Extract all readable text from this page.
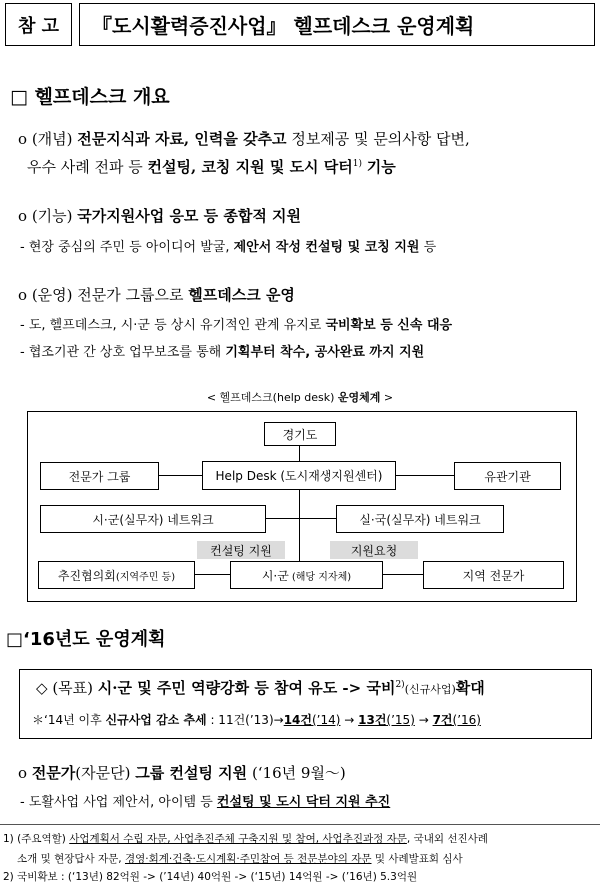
참 고 『도시활력증진사업』 헬프데스크 운영계획
□ 헬프데스크 개요
o (개념) 전문지식과 자료, 인력을 갖추고 정보제공 및 문의사항 답변,
우수 사례 전파 등 컨설팅, 코칭 지원 및 도시 닥터$^{1)}$ 기능
o (기능) 국가지원사업 응모 등 종합적 지원
- 현장 중심의 주민 등 아이디어 발굴, 제안서 작성 컨설팅 및 코칭 지원 등
o (운영) 전문가 그룹으로 헬프데스크 운영
- 도, 헬프데스크, 시·군 등 상시 유기적인 관계 유지로 국비확보 등 신속 대응
- 협조기관 간 상호 업무보조를 통해 기획부터 착수, 공사완료 까지 지원
< 헬프데스크(help desk) 운영체계 >
컨설팅 지원	지원요청
경기도
전문가 그룹	Help Desk (도시재생지원센터)	유관기관
시·군(실무자) 네트워크	실·국(실무자) 네트워크
추진협의회 (지역주민 등)	시·군 (해당 지자체)	지역 전문가
□‘16년도 운영계획
◇ (목표) 시·군 및 주민 역량강화 등 참여 유도 -> 국비$^{2)}$(신규사업)확대
＊‘14년 이후 신규사업 감소 추세 : 11건(’13)→14건(’14) → 13건(’15) → 7건(’16)
o 전문가(자문단) 그룹 컨설팅 지원 (‘16년 9월～)
- 도활사업 사업 제안서, 아이템 등 컨설팅 및 도시 닥터 지원 추진
1) (주요역할) 사업계획서 수립 자문, 사업추진주체 구축지원 및 참여, 사업추진과정 자문, 국내외 선진사례
소개 및 현장답사 자문, 경영·회계·건축·도시계획·주민참여 등 전문분야의 자문 및 사례발표회 심사
2) 국비확보 : (‘13년) 82억원 -> (’14년) 40억원 -> (‘15년) 14억원 -> (’16년) 5.3억원
